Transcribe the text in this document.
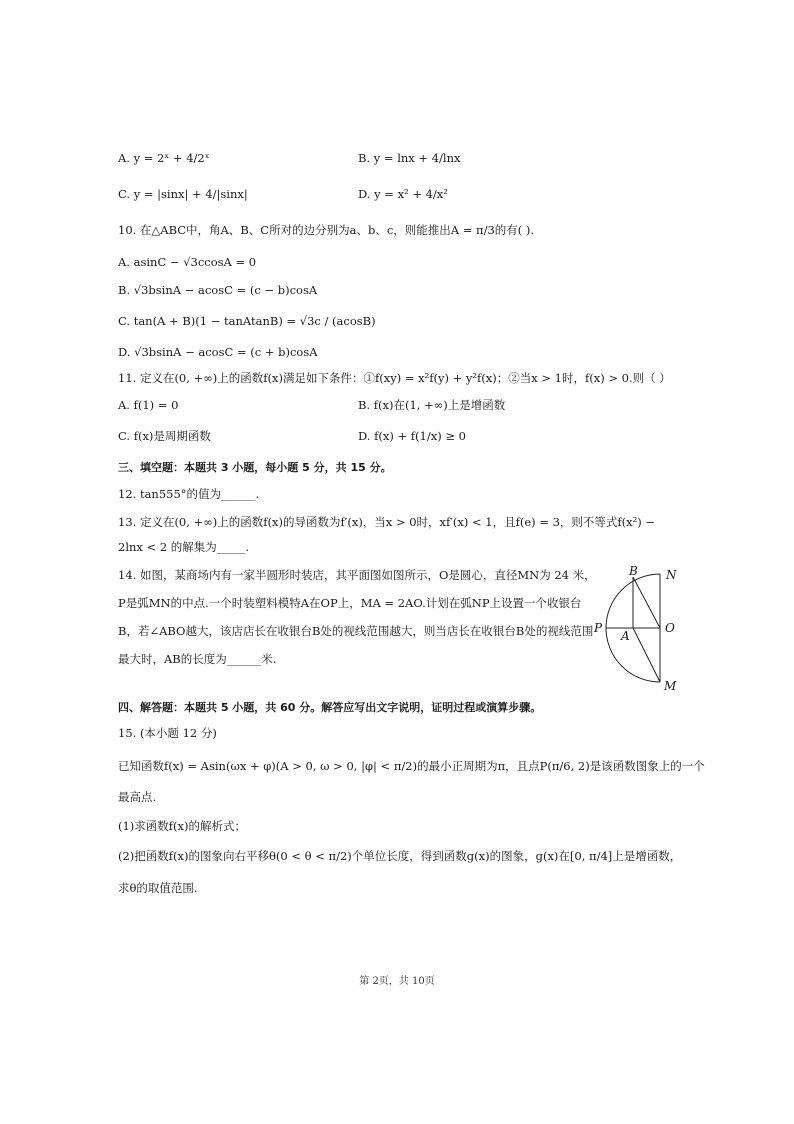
A. y = 2ˣ + 4/2ˣ	B. y = lnx + 4/lnx
C. y = |sinx| + 4/|sinx|	D. y = x² + 4/x²
10. 在△ABC中，角A、B、C所对的边分别为a、b、c，则能推出A = π/3的有( ).
A. asinC − √3ccosA = 0
B. √3bsinA − acosC = (c − b)cosA
C. tan(A + B)(1 − tanAtanB) = √3c / (acosB)
D. √3bsinA − acosC = (c + b)cosA
11. 定义在(0, +∞)上的函数f(x)满足如下条件：①f(xy) = x²f(y) + y²f(x)；②当x > 1时，f(x) > 0.则（ ）
A. f(1) = 0	B. f(x)在(1, +∞)上是增函数
C. f(x)是周期函数	D. f(x) + f(1/x) ≥ 0
三、填空题：本题共 3 小题，每小题 5 分，共 15 分。
12. tan555°的值为______.
13. 定义在(0, +∞)上的函数f(x)的导函数为f′(x)，当x > 0时，xf′(x) < 1，且f(e) = 3，则不等式f(x²) −
2lnx < 2 的解集为_____.
14. 如图，某商场内有一家半圆形时装店，其平面图如图所示，O是圆心，直径MN为 24 米，P是弧MN的中点.一个时装塑料模特A在OP上，MA = 2AO.计划在弧NP上设置一个收银台B，若∠ABO越大，该店店长在收银台B处的视线范围越大，则当店长在收银台B处的视线范围最大时，AB的长度为______米.
B N
P
A
O
M
四、解答题：本题共 5 小题，共 60 分。解答应写出文字说明，证明过程或演算步骤。
15. (本小题 12 分)
已知函数f(x) = Asin(ωx + φ)(A > 0, ω > 0, |φ| < π/2)的最小正周期为π，且点P(π/6, 2)是该函数图象上的一个
最高点.
(1)求函数f(x)的解析式；
(2)把函数f(x)的图象向右平移θ(0 < θ < π/2)个单位长度，得到函数g(x)的图象，g(x)在[0, π/4]上是增函数，
求θ的取值范围.
第 2页，共 10页
